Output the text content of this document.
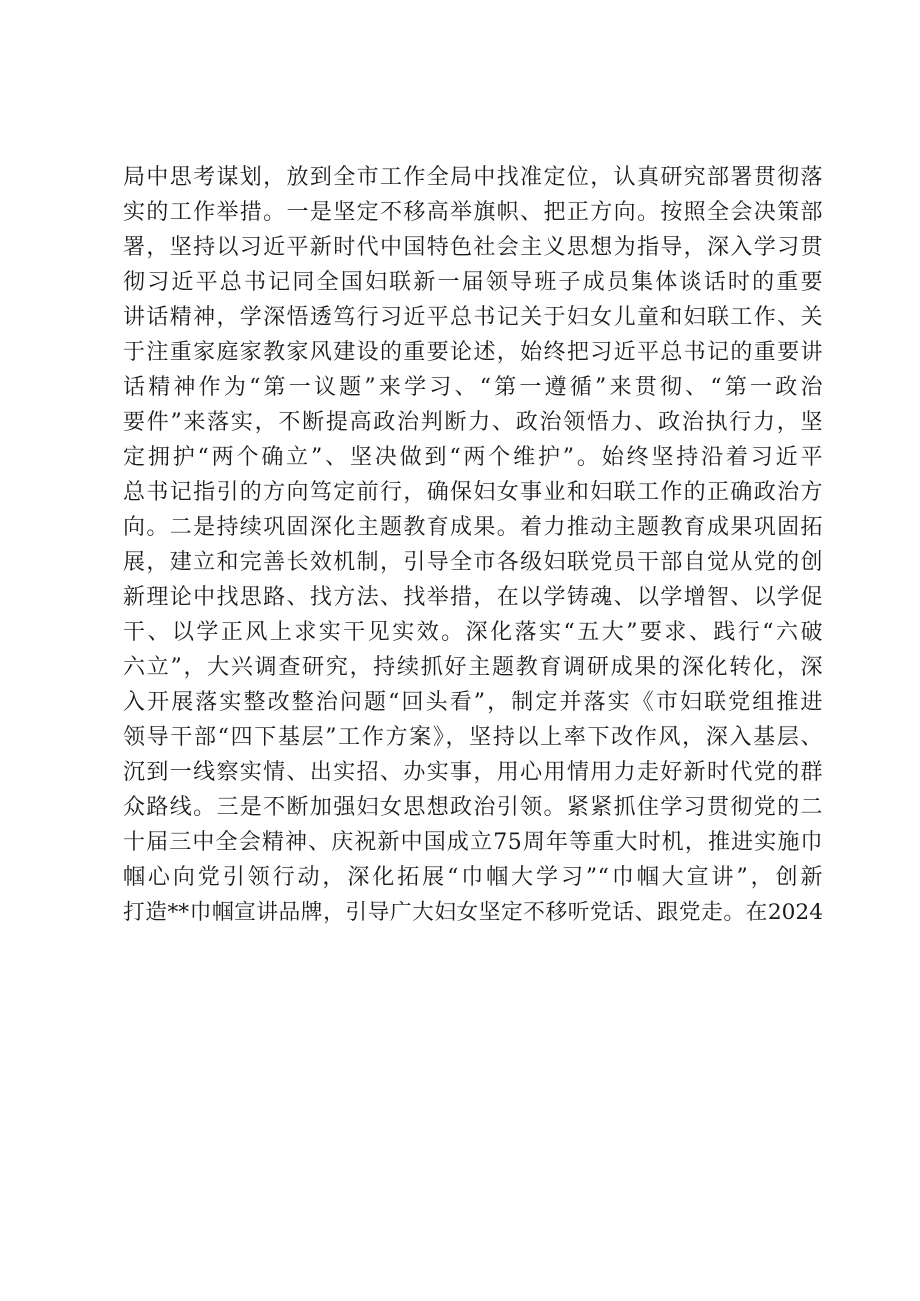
局中思考谋划，放到全市工作全局中找准定位，认真研究部署贯彻落
实的工作举措。一是坚定不移高举旗帜、把正方向。按照全会决策部
署，坚持以习近平新时代中国特色社会主义思想为指导，深入学习贯
彻习近平总书记同全国妇联新一届领导班子成员集体谈话时的重要
讲话精神，学深悟透笃行习近平总书记关于妇女儿童和妇联工作、关
于注重家庭家教家风建设的重要论述，始终把习近平总书记的重要讲
话精神作为“第一议题”来学习、“第一遵循”来贯彻、“第一政治
要件”来落实，不断提高政治判断力、政治领悟力、政治执行力，坚
定拥护“两个确立”、坚决做到“两个维护”。始终坚持沿着习近平
总书记指引的方向笃定前行，确保妇女事业和妇联工作的正确政治方
向。二是持续巩固深化主题教育成果。着力推动主题教育成果巩固拓
展，建立和完善长效机制，引导全市各级妇联党员干部自觉从党的创
新理论中找思路、找方法、找举措，在以学铸魂、以学增智、以学促
干、以学正风上求实干见实效。深化落实“五大”要求、践行“六破
六立”，大兴调查研究，持续抓好主题教育调研成果的深化转化，深
入开展落实整改整治问题“回头看”，制定并落实《市妇联党组推进
领导干部“四下基层”工作方案》，坚持以上率下改作风，深入基层、
沉到一线察实情、出实招、办实事，用心用情用力走好新时代党的群
众路线。三是不断加强妇女思想政治引领。紧紧抓住学习贯彻党的二
十届三中全会精神、庆祝新中国成立75周年等重大时机，推进实施巾
帼心向党引领行动，深化拓展“巾帼大学习”“巾帼大宣讲”，创新
打造**巾帼宣讲品牌，引导广大妇女坚定不移听党话、跟党走。在2024
